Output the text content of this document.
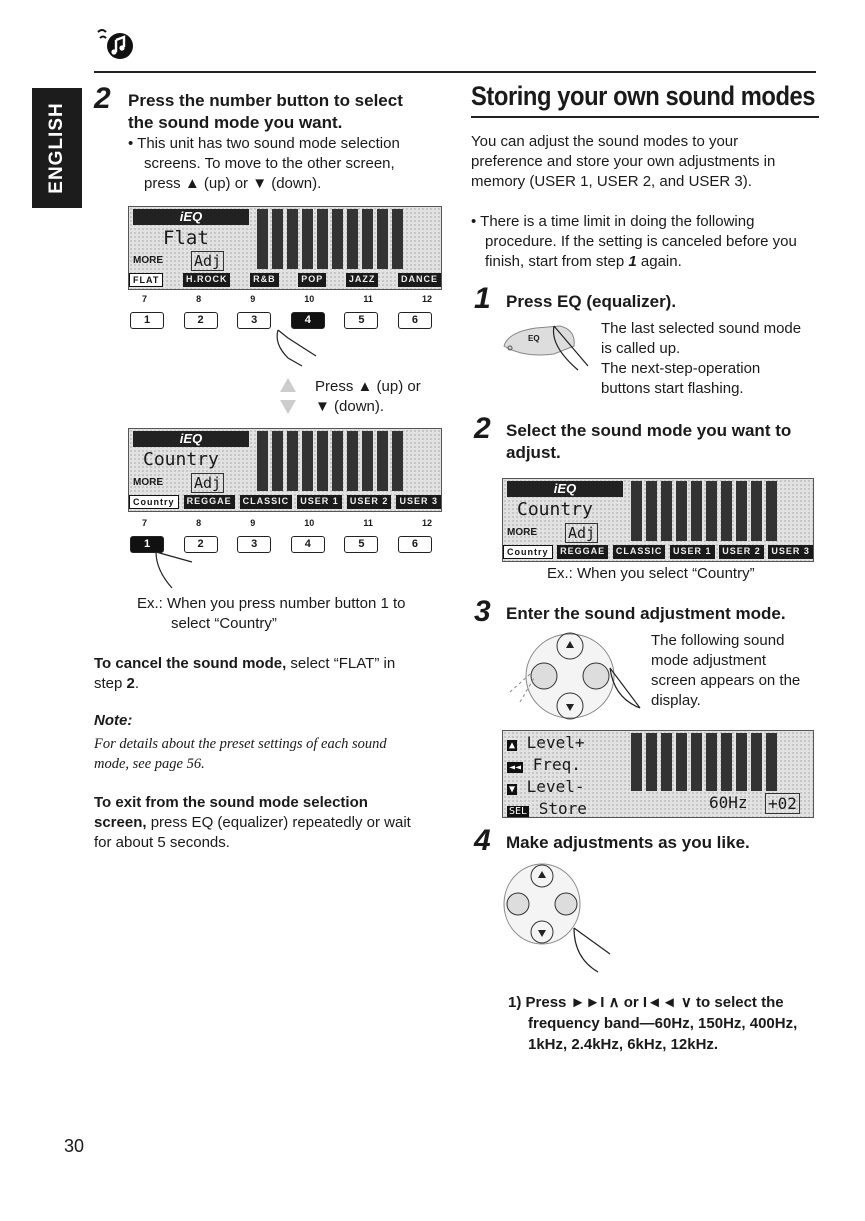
ENGLISH
2 Press the number button to select
the sound mode you want.
• This unit has two sound mode selection
screens. To move to the other screen,
press ▲ (up) or ▼ (down).
iEQ
Flat
MORE Adj
FLAT	H.ROCK	R&B	POP	JAZZ	DANCE
7	8	9	10	11	12
1	2	3	4	5	6
Press ▲ (up) or
▼ (down).
iEQ
Country
MORE Adj
Country	REGGAE	CLASSIC	USER 1	USER 2	USER 3
7	8	9	10	11	12
1	2	3	4	5	6
Ex.: When you press number button 1 to
select “Country”
To cancel the sound mode, select “FLAT” in
step 2.
Note:
For details about the preset settings of each sound
mode, see page 56.
To exit from the sound mode selection
screen, press EQ (equalizer) repeatedly or wait
for about 5 seconds.
30
Storing your own sound modes
You can adjust the sound modes to your
preference and store your own adjustments in
memory (USER 1, USER 2, and USER 3).
• There is a time limit in doing the following
procedure. If the setting is canceled before you
finish, start from step 1 again.
1 Press EQ (equalizer).
EQ
The last selected sound mode
is called up.
The next-step-operation
buttons start flashing.
2 Select the sound mode you want to
adjust.
iEQ
Country
MORE Adj
Country	REGGAE	CLASSIC	USER 1	USER 2	USER 3
Ex.: When you select “Country”
3 Enter the sound adjustment mode.
The following sound
mode adjustment
screen appears on the
display.
▲ Level+
◄◄ Freq.
▼ Level-
SEL Store	60Hz +02
4 Make adjustments as you like.
1) Press ►►I ∧ or I◄◄ ∨ to select the
frequency band—60Hz, 150Hz, 400Hz,
1kHz, 2.4kHz, 6kHz, 12kHz.
